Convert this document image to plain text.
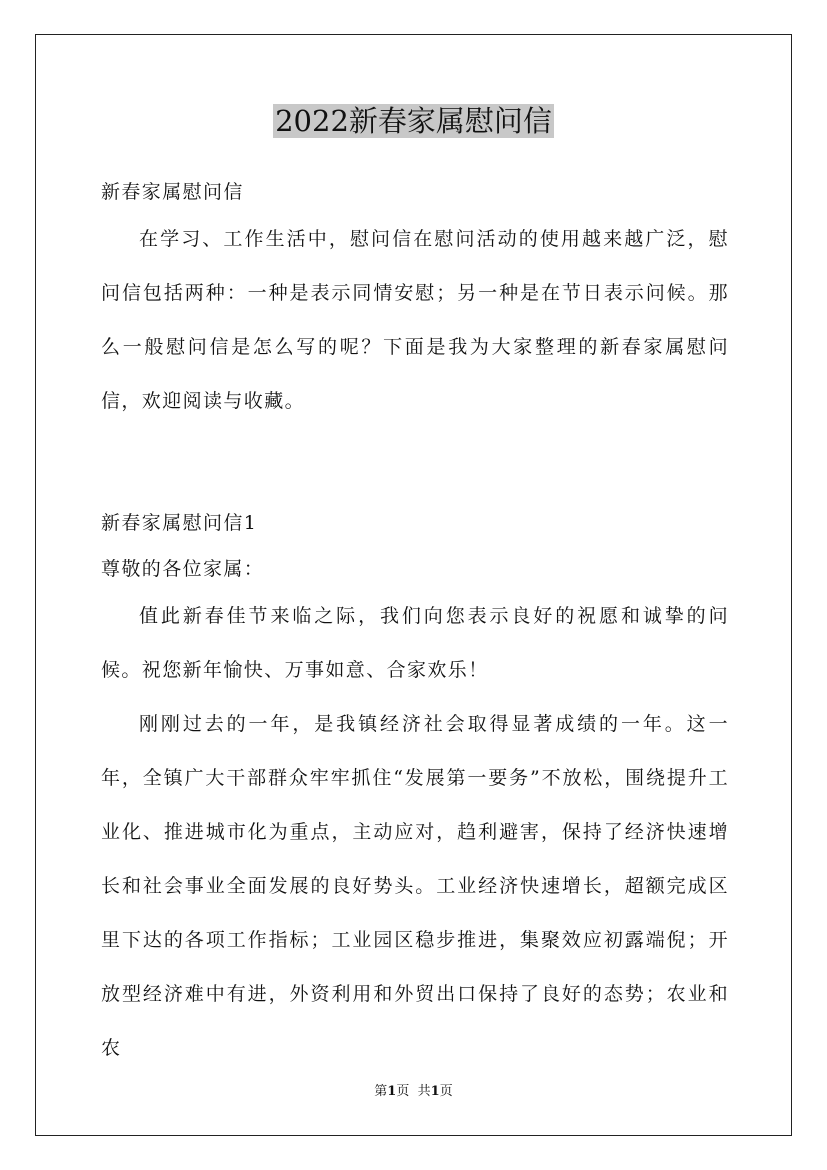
2022新春家属慰问信
新春家属慰问信
在学习、工作生活中，慰问信在慰问活动的使用越来越广泛，慰问信包括两种：一种是表示同情安慰；另一种是在节日表示问候。那么一般慰问信是怎么写的呢？下面是我为大家整理的新春家属慰问信，欢迎阅读与收藏。
新春家属慰问信1
尊敬的各位家属：
值此新春佳节来临之际，我们向您表示良好的祝愿和诚挚的问候。祝您新年愉快、万事如意、合家欢乐！
刚刚过去的一年，是我镇经济社会取得显著成绩的一年。这一年，全镇广大干部群众牢牢抓住“发展第一要务”不放松，围绕提升工业化、推进城市化为重点，主动应对，趋利避害，保持了经济快速增长和社会事业全面发展的良好势头。工业经济快速增长，超额完成区里下达的各项工作指标；工业园区稳步推进，集聚效应初露端倪；开放型经济难中有进，外资利用和外贸出口保持了良好的态势；农业和农
第1页 共1页
